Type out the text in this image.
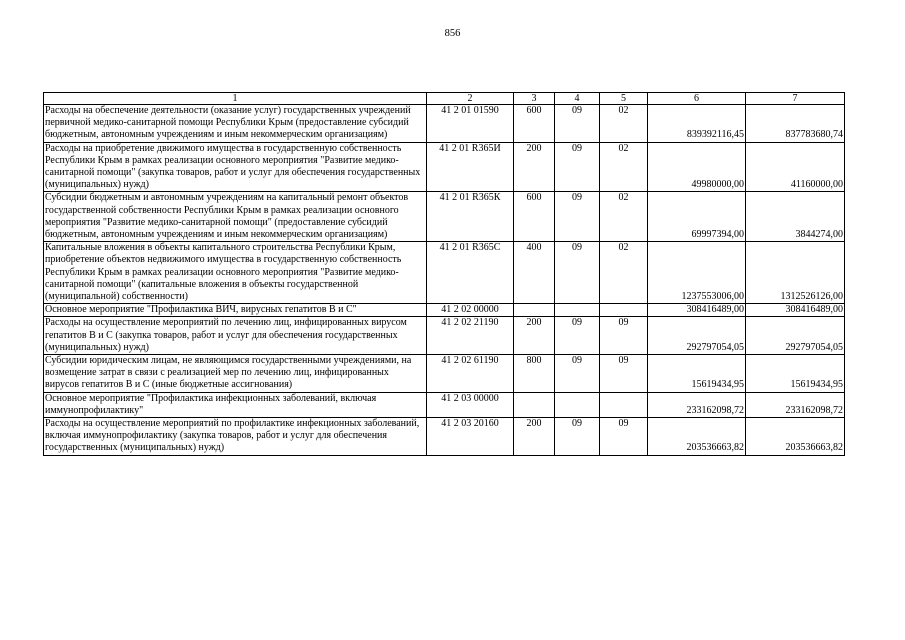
856
1	2	3	4	5	6	7
Расходы на обеспечение деятельности (оказание услуг) государственных учреждений первичной медико-санитарной помощи Республики Крым (предоставление субсидий бюджетным, автономным учреждениям и иным некоммерческим организациям)	41 2 01 01590	600	09	02	839392116,45	837783680,74
Расходы на приобретение движимого имущества в государственную собственность Республики Крым в рамках реализации основного мероприятия "Развитие медико-санитарной помощи" (закупка товаров, работ и услуг для обеспечения государственных (муниципальных) нужд)	41 2 01 R365И	200	09	02	49980000,00	41160000,00
Субсидии бюджетным и автономным учреждениям на капитальный ремонт объектов государственной собственности Республики Крым в рамках реализации основного мероприятия "Развитие медико-санитарной помощи" (предоставление субсидий бюджетным, автономным учреждениям и иным некоммерческим организациям)	41 2 01 R365К	600	09	02	69997394,00	3844274,00
Капитальные вложения в объекты капитального строительства Республики Крым, приобретение объектов недвижимого имущества в государственную собственность Республики Крым в рамках реализации основного мероприятия "Развитие медико-санитарной помощи" (капитальные вложения в объекты государственной (муниципальной) собственности)	41 2 01 R365С	400	09	02	1237553006,00	1312526126,00
Основное мероприятие "Профилактика ВИЧ, вирусных гепатитов В и С"	41 2 02 00000				308416489,00	308416489,00
Расходы на осуществление мероприятий по лечению лиц, инфицированных вирусом гепатитов В и С (закупка товаров, работ и услуг для обеспечения государственных (муниципальных) нужд)	41 2 02 21190	200	09	09	292797054,05	292797054,05
Субсидии юридическим лицам, не являющимся государственными учреждениями, на возмещение затрат в связи с реализацией мер по лечению лиц, инфицированных вирусов гепатитов В и С (иные бюджетные ассигнования)	41 2 02 61190	800	09	09	15619434,95	15619434,95
Основное мероприятие "Профилактика инфекционных заболеваний, включая иммунопрофилактику"	41 2 03 00000				233162098,72	233162098,72
Расходы на осуществление мероприятий по профилактике инфекционных заболеваний, включая иммунопрофилактику (закупка товаров, работ и услуг для обеспечения государственных (муниципальных) нужд)	41 2 03 20160	200	09	09	203536663,82	203536663,82
